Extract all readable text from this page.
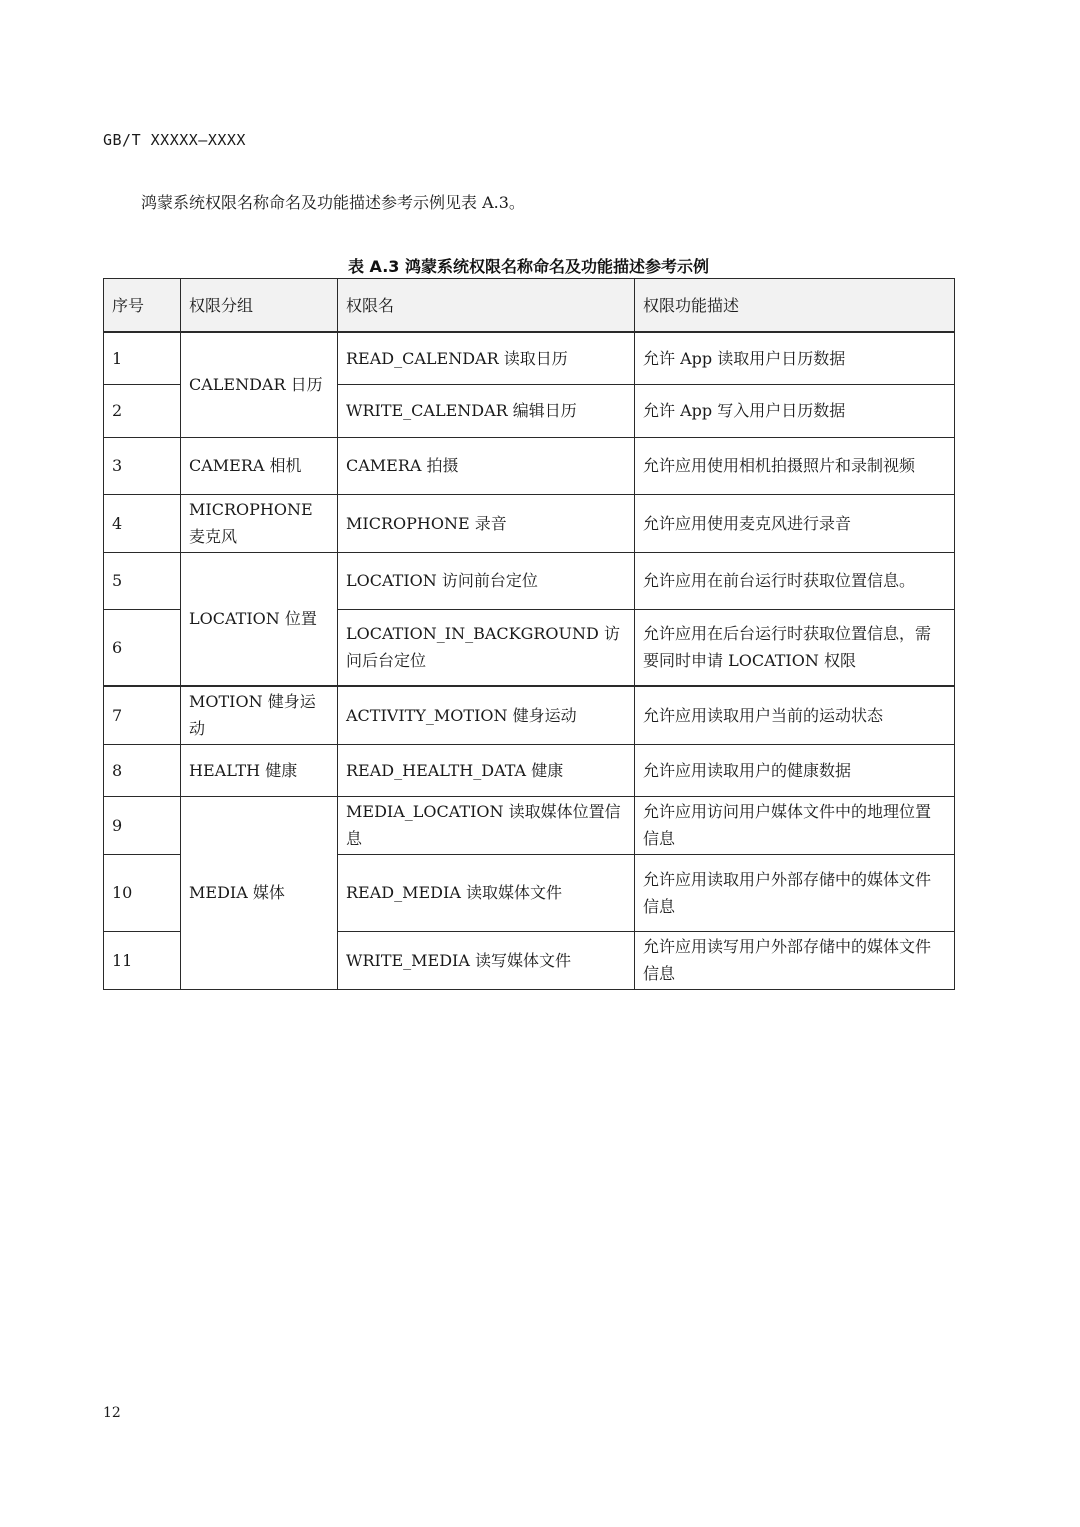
GB/T XXXXX—XXXX
鸿蒙系统权限名称命名及功能描述参考示例见表 A.3。
表 A.3 鸿蒙系统权限名称命名及功能描述参考示例
序号	权限分组	权限名	权限功能描述
1	CALENDAR 日历	READ_CALENDAR 读取日历	允许 App 读取用户日历数据
2		WRITE_CALENDAR 编辑日历	允许 App 写入用户日历数据
3	CAMERA 相机	CAMERA 拍摄	允许应用使用相机拍摄照片和录制视频
4	MICROPHONE 麦克风	MICROPHONE 录音	允许应用使用麦克风进行录音
5	LOCATION 位置	LOCATION 访问前台定位	允许应用在前台运行时获取位置信息。
6		LOCATION_IN_BACKGROUND 访问后台定位	允许应用在后台运行时获取位置信息，需要同时申请 LOCATION 权限
7	MOTION 健身运动	ACTIVITY_MOTION 健身运动	允许应用读取用户当前的运动状态
8	HEALTH 健康	READ_HEALTH_DATA 健康	允许应用读取用户的健康数据
9	MEDIA 媒体	MEDIA_LOCATION 读取媒体位置信息	允许应用访问用户媒体文件中的地理位置信息
10		READ_MEDIA 读取媒体文件	允许应用读取用户外部存储中的媒体文件信息
11		WRITE_MEDIA 读写媒体文件	允许应用读写用户外部存储中的媒体文件信息
12
